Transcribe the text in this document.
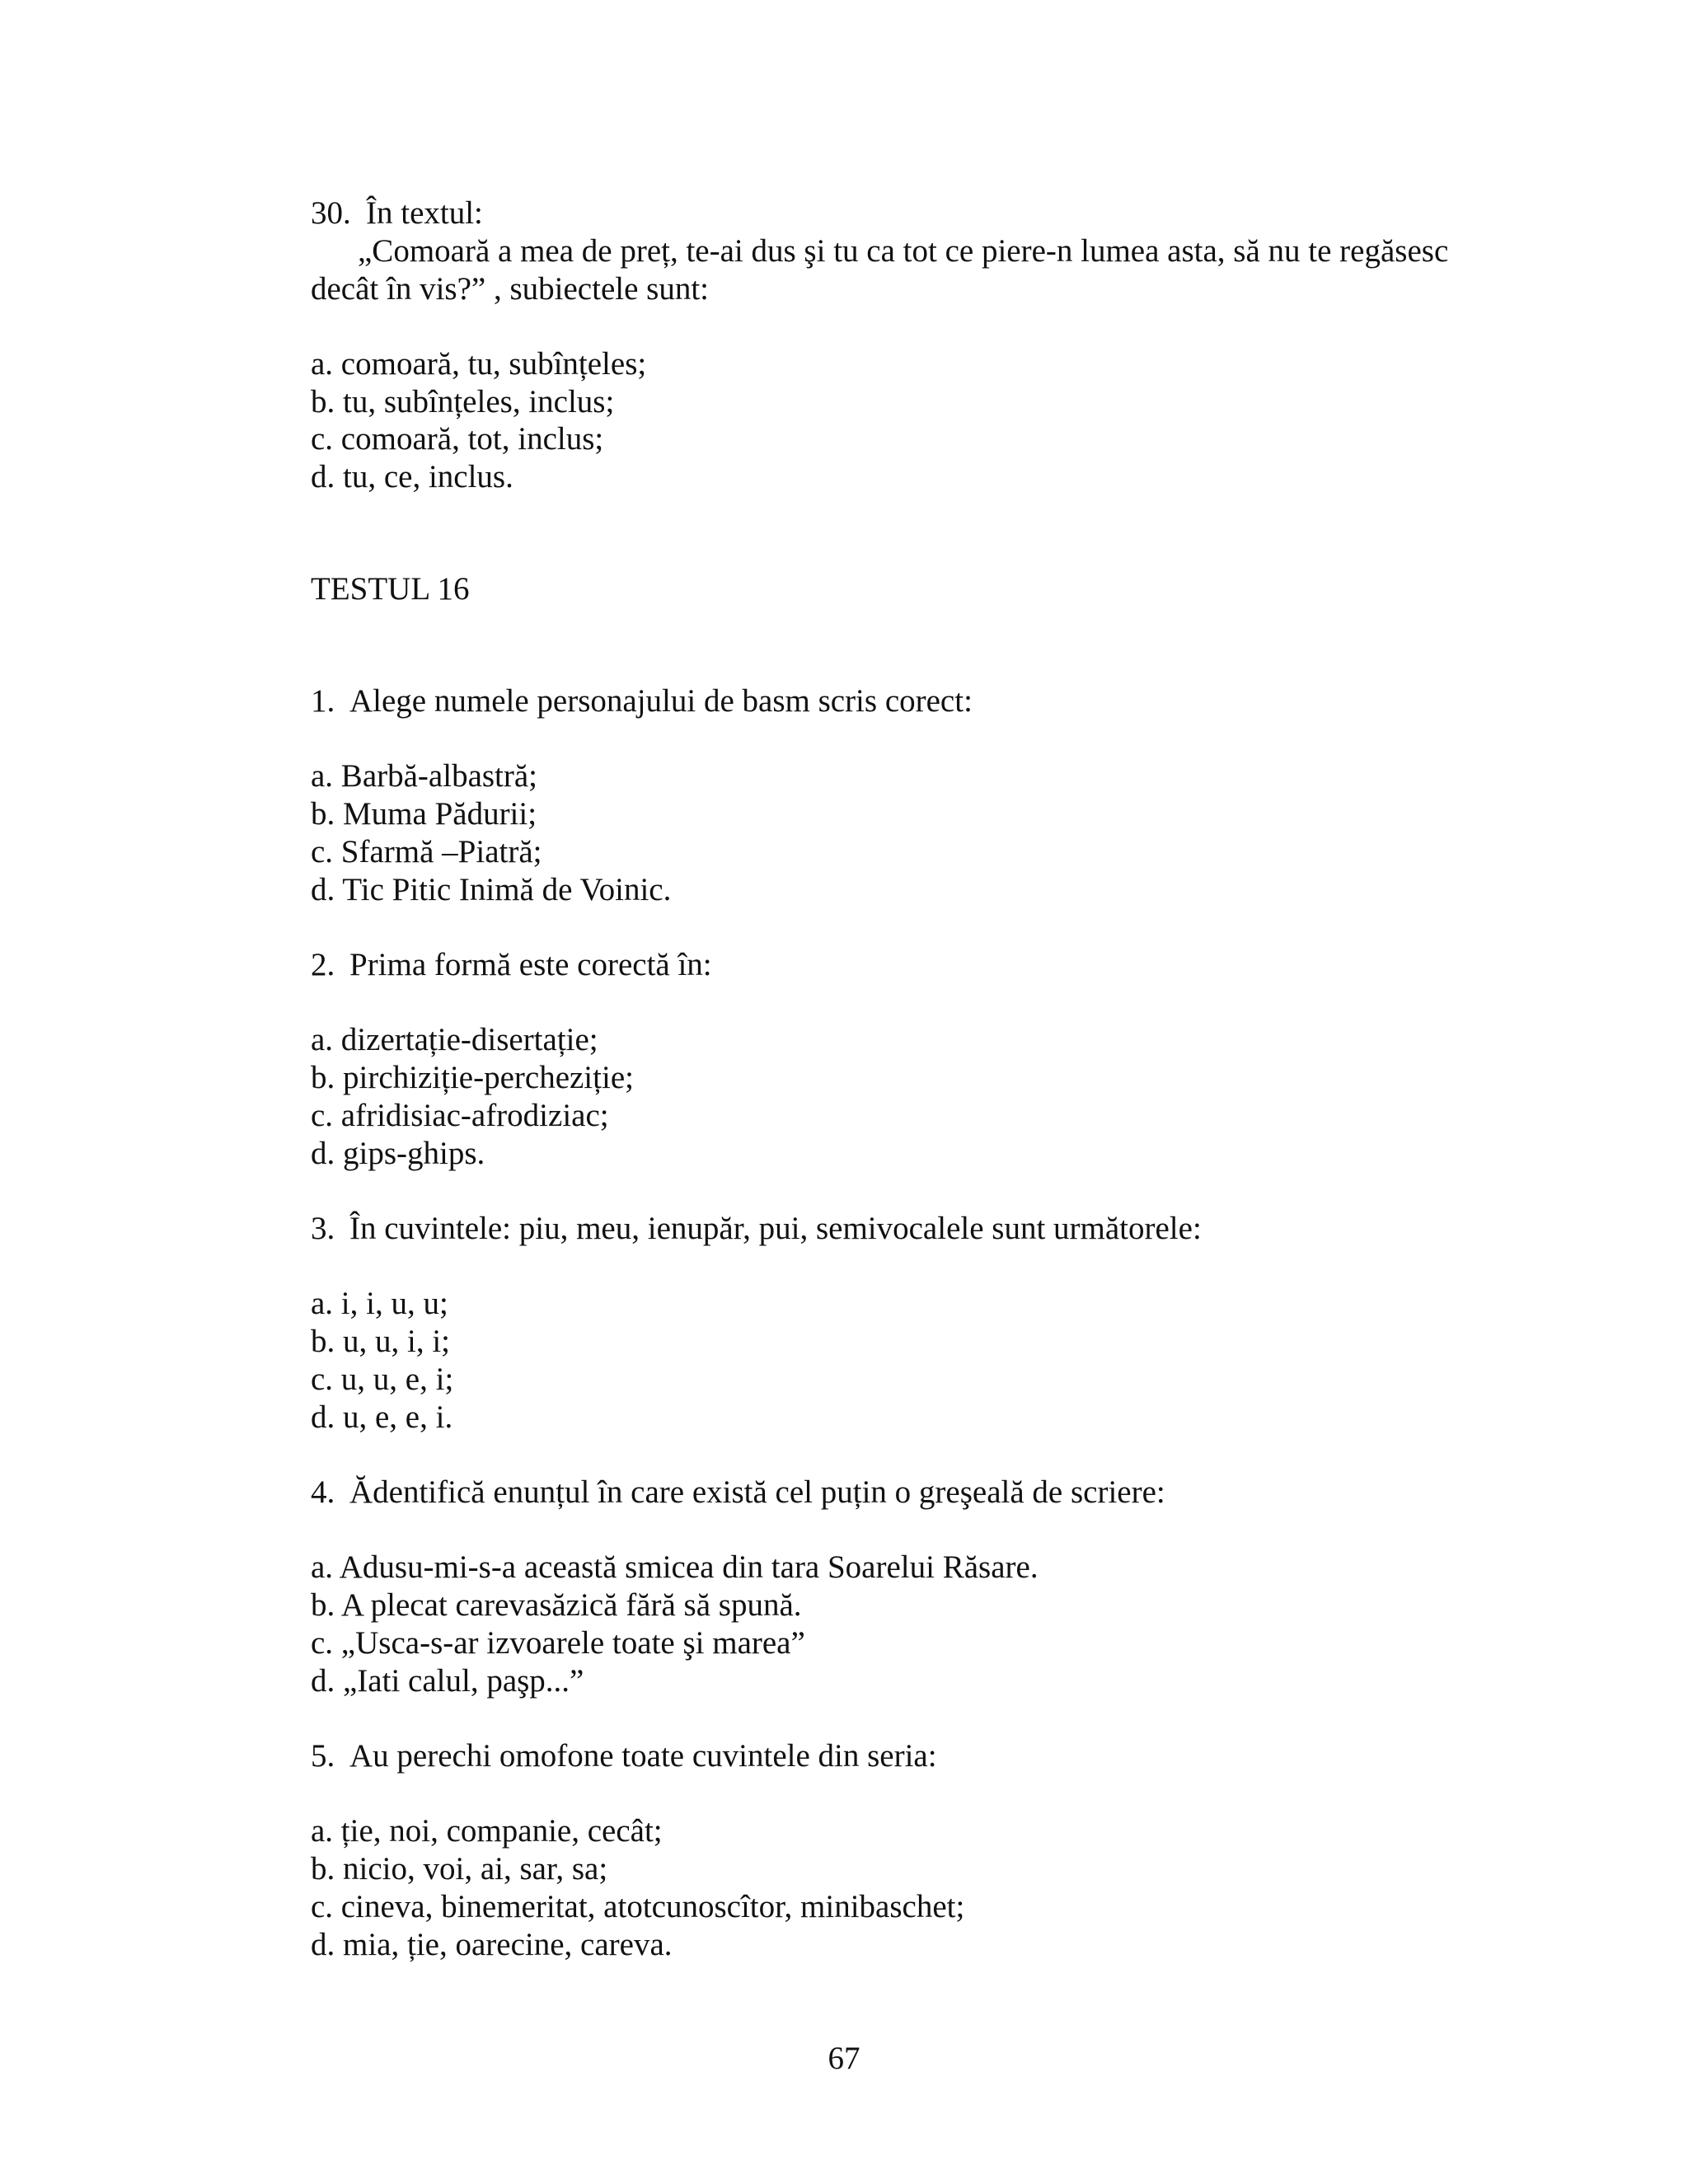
30. În textul:
„Comoară a mea de preț, te-ai dus şi tu ca tot ce piere-n lumea asta, să nu te regăsesc
decât în vis?” , subiectele sunt:
a. comoară, tu, subînțeles;
b. tu, subînțeles, inclus;
c. comoară, tot, inclus;
d. tu, ce, inclus.
TESTUL 16
1. Alege numele personajului de basm scris corect:
a. Barbă-albastră;
b. Muma Pădurii;
c. Sfarmă –Piatră;
d. Tic Pitic Inimă de Voinic.
2. Prima formă este corectă în:
a. dizertație-disertație;
b. pirchiziție-percheziție;
c. afridisiac-afrodiziac;
d. gips-ghips.
3. În cuvintele: piu, meu, ienupăr, pui, semivocalele sunt următorele:
a. i, i, u, u;
b. u, u, i, i;
c. u, u, e, i;
d. u, e, e, i.
4. Ădentifică enunțul în care există cel puțin o greşeală de scriere:
a. Adusu-mi-s-a această smicea din tara Soarelui Răsare.
b. A plecat carevasăzică fără să spună.
c. „Usca-s-ar izvoarele toate şi marea”
d. „Iati calul, paşp...”
5. Au perechi omofone toate cuvintele din seria:
a. ție, noi, companie, cecât;
b. nicio, voi, ai, sar, sa;
c. cineva, binemeritat, atotcunoscîtor, minibaschet;
d. mia, ție, oarecine, careva.
67
